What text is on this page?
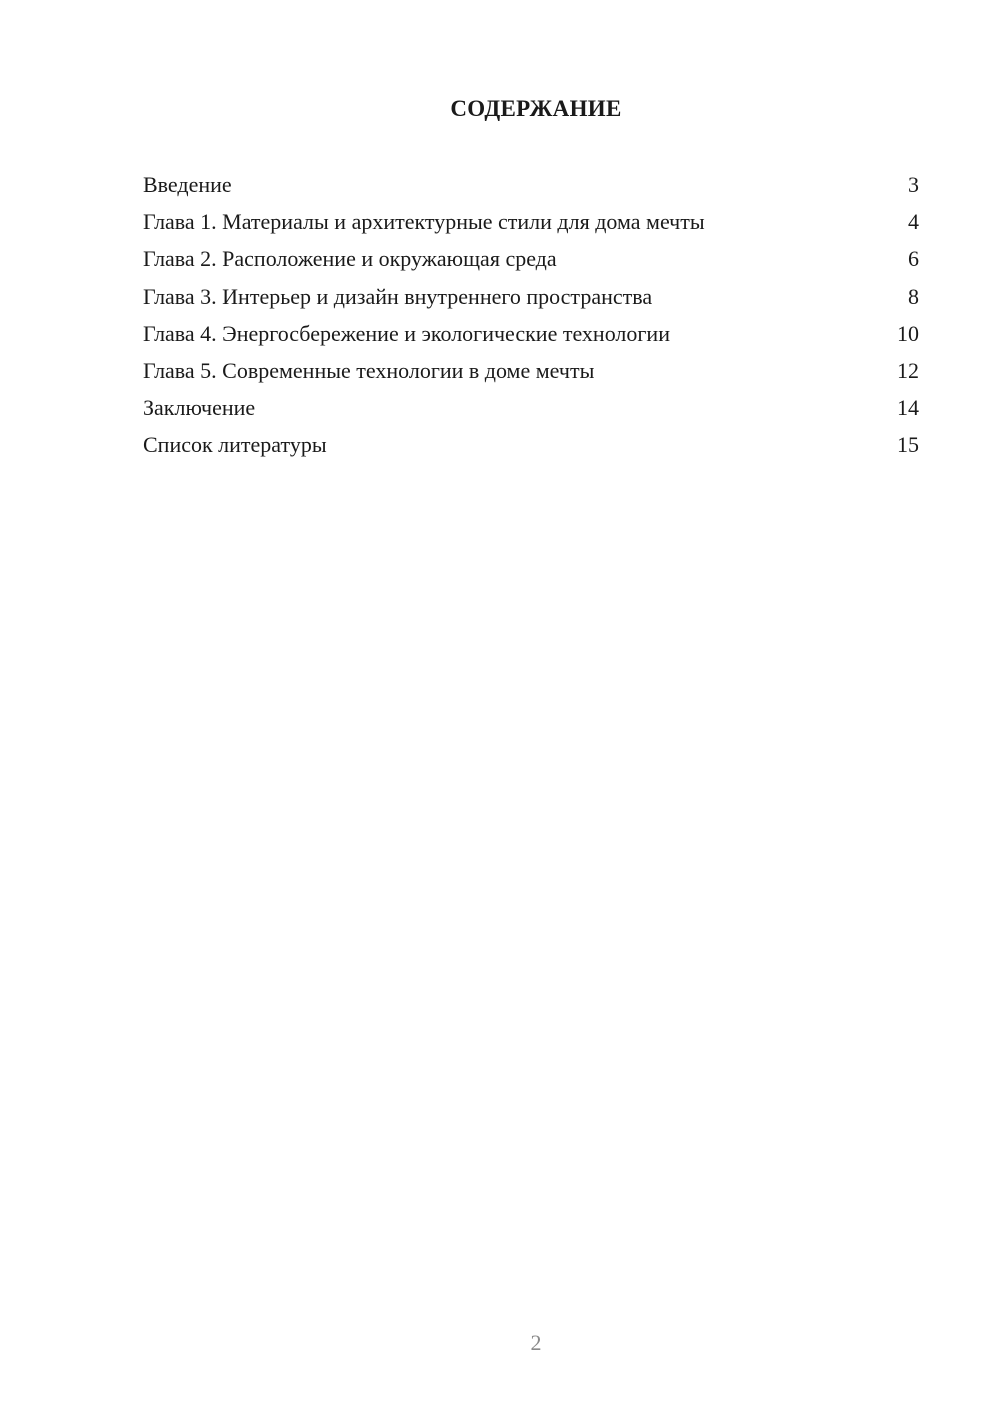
СОДЕРЖАНИЕ
Введение	3
Глава 1. Материалы и архитектурные стили для дома мечты	4
Глава 2. Расположение и окружающая среда	6
Глава 3. Интерьер и дизайн внутреннего пространства	8
Глава 4. Энергосбережение и экологические технологии	10
Глава 5. Современные технологии в доме мечты	12
Заключение	14
Список литературы	15
2
